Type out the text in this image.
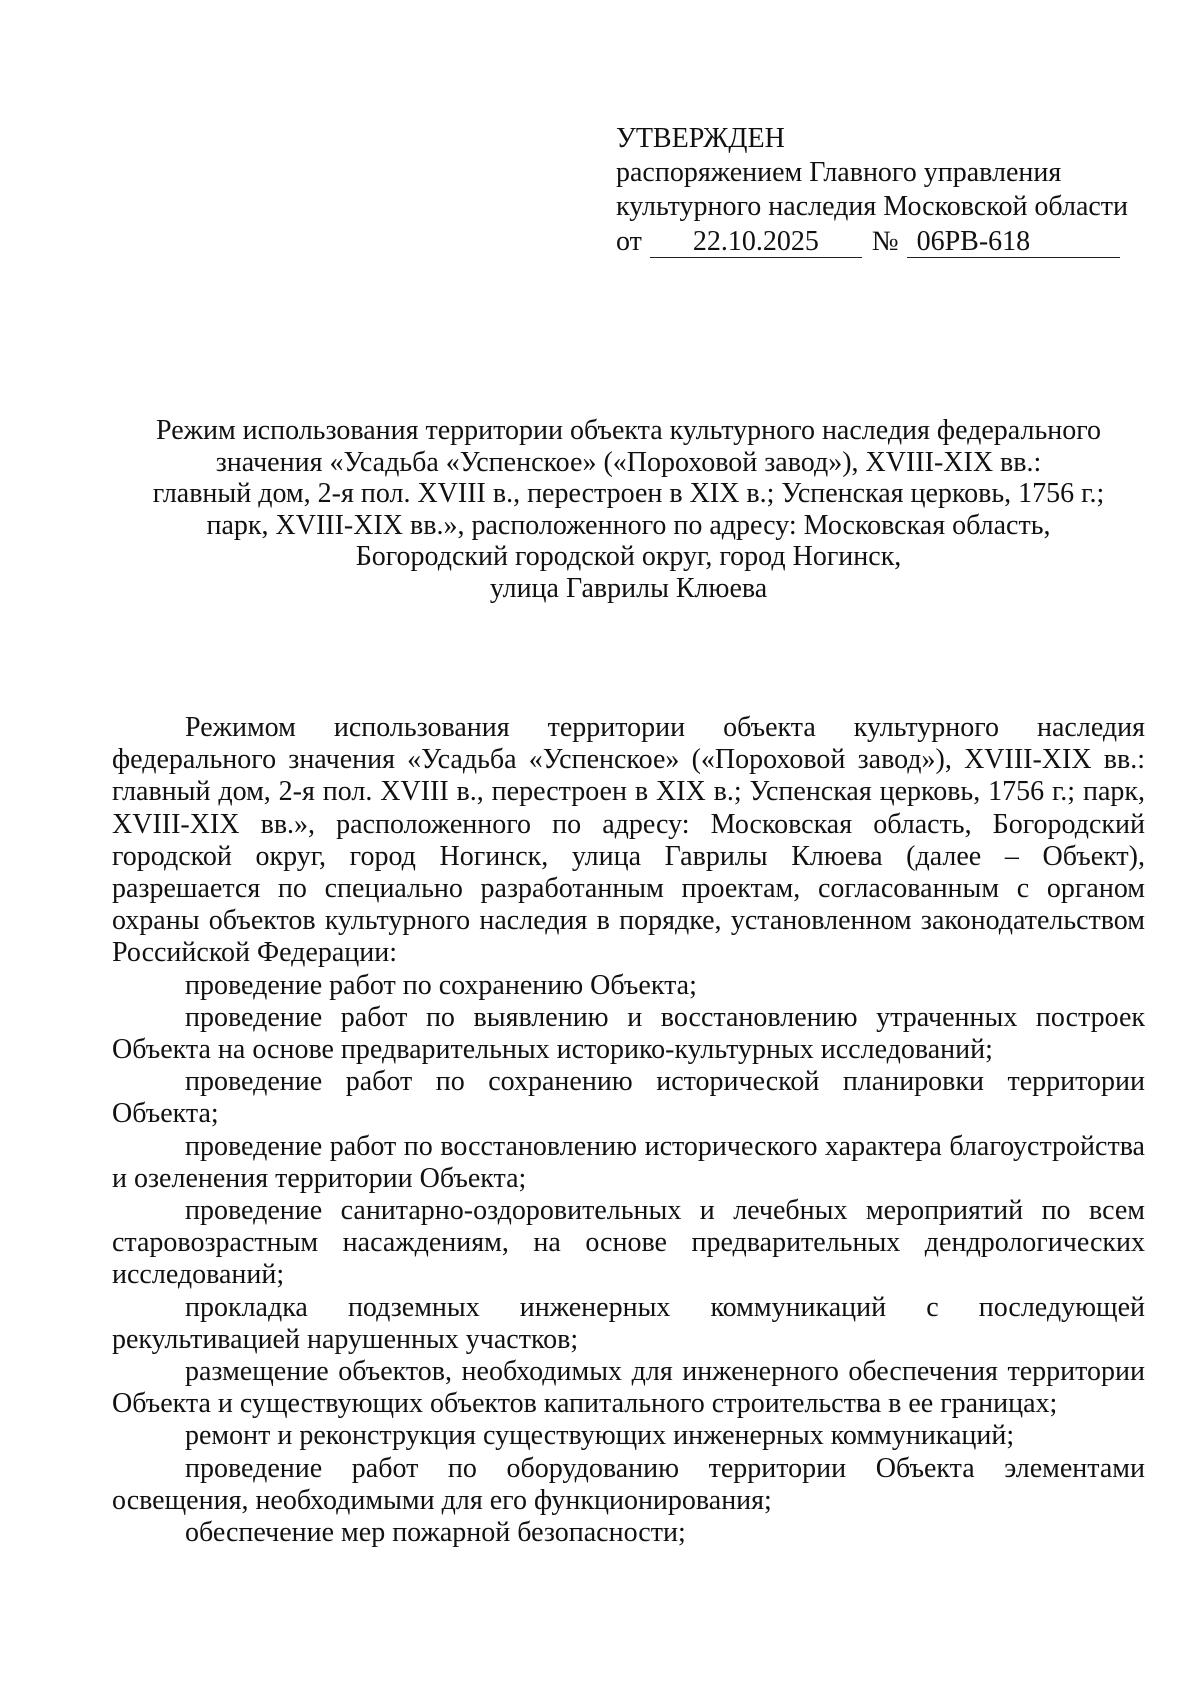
УТВЕРЖДЕН
распоряжением Главного управления
культурного наследия Московской области
от 22.10.2025 № 06РВ-618
Режим использования территории объекта культурного наследия федерального
значения «Усадьба «Успенское» («Пороховой завод»), XVIII-XIX вв.:
главный дом, 2-я пол. XVIII в., перестроен в XIX в.; Успенская церковь, 1756 г.;
парк, XVIII-XIX вв.», расположенного по адресу: Московская область,
Богородский городской округ, город Ногинск,
улица Гаврилы Клюева

Режимом использования территории объекта культурного наследия федерального значения «Усадьба «Успенское» («Пороховой завод»), XVIII-XIX вв.: главный дом, 2-я пол. XVIII в., перестроен в XIX в.; Успенская церковь, 1756 г.; парк, XVIII-XIX вв.», расположенного по адресу: Московская область, Богородский городской округ, город Ногинск, улица Гаврилы Клюева (далее – Объект), разрешается по специально разработанным проектам, согласованным с органом охраны объектов культурного наследия в порядке, установленном законодательством Российской Федерации:

проведение работ по сохранению Объекта;

проведение работ по выявлению и восстановлению утраченных построек Объекта на основе предварительных историко-культурных исследований;

проведение работ по сохранению исторической планировки территории Объекта;

проведение работ по восстановлению исторического характера благоустройства и озеленения территории Объекта;

проведение санитарно-оздоровительных и лечебных мероприятий по всем старовозрастным насаждениям, на основе предварительных дендрологических исследований;

прокладка подземных инженерных коммуникаций с последующей рекультивацией нарушенных участков;

размещение объектов, необходимых для инженерного обеспечения территории Объекта и существующих объектов капитального строительства в ее границах;

ремонт и реконструкция существующих инженерных коммуникаций;

проведение работ по оборудованию территории Объекта элементами освещения, необходимыми для его функционирования;

обеспечение мер пожарной безопасности;
